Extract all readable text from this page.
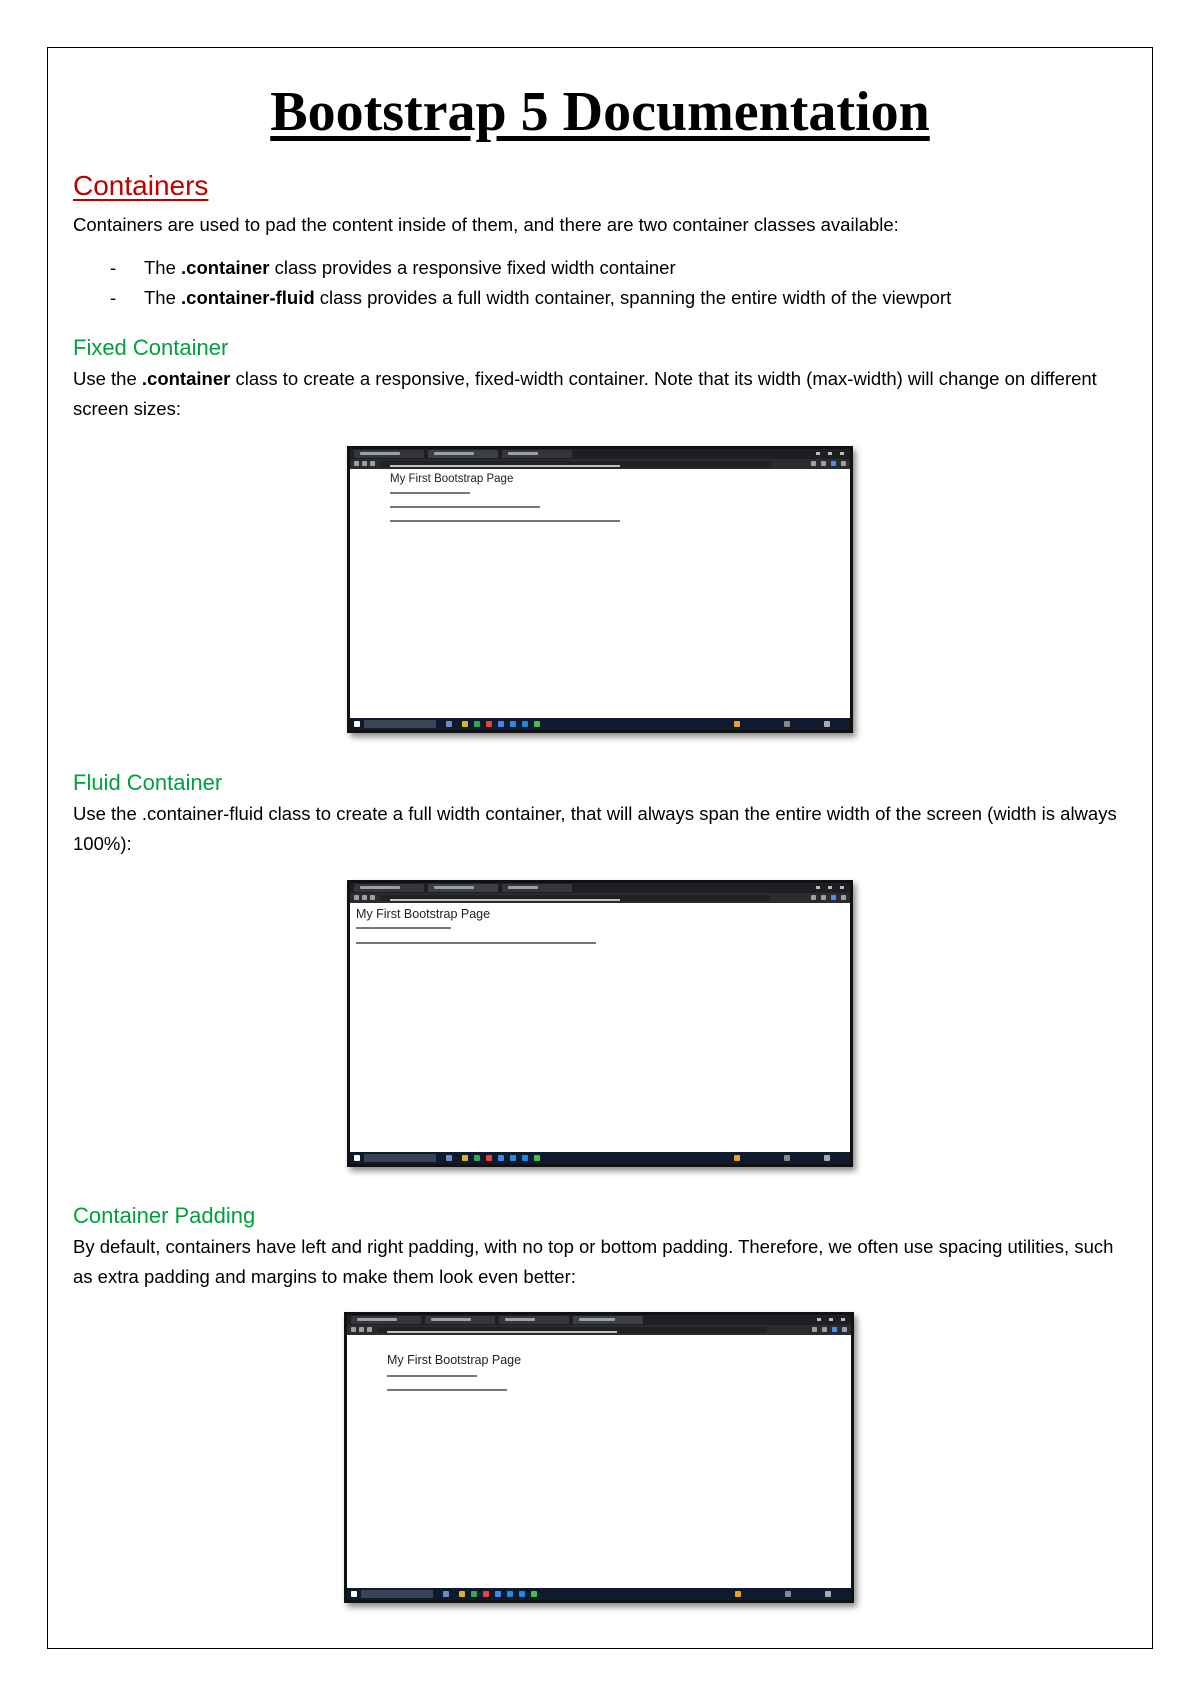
Bootstrap 5 Documentation
Containers

Containers are used to pad the content inside of them, and there are two container classes available:

- The .container class provides a responsive fixed width container
- The .container-fluid class provides a full width container, spanning the entire width of the viewport
Fixed Container

Use the .container class to create a responsive, fixed-width container. Note that its width (max-width) will change on different screen sizes:

My First Bootstrap Page

Fluid Container

Use the .container-fluid class to create a full width container, that will always span the entire width of the screen (width is always 100%):

My First Bootstrap Page

Container Padding

By default, containers have left and right padding, with no top or bottom padding. Therefore, we often use spacing utilities, such as extra padding and margins to make them look even better:

My First Bootstrap Page
